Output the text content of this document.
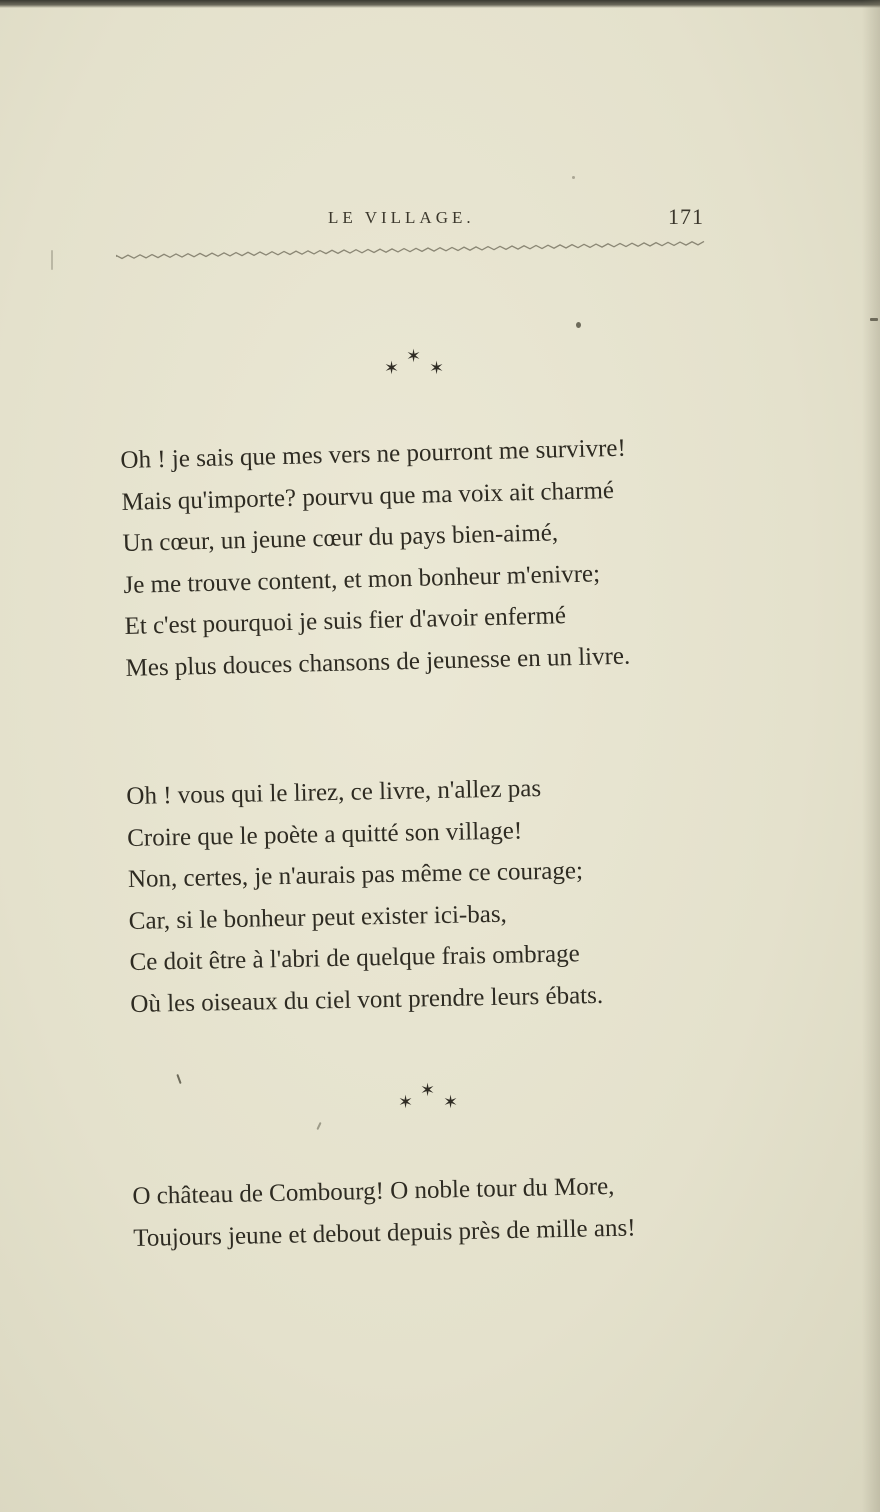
LE VILLAGE.	171
✶
✶
✶
Oh ! je sais que mes vers ne pourront me survivre!
Mais qu'importe? pourvu que ma voix ait charmé
Un cœur, un jeune cœur du pays bien-aimé,
Je me trouve content, et mon bonheur m'enivre;
Et c'est pourquoi je suis fier d'avoir enfermé
Mes plus douces chansons de jeunesse en un livre.
Oh ! vous qui le lirez, ce livre, n'allez pas
Croire que le poète a quitté son village!
Non, certes, je n'aurais pas même ce courage;
Car, si le bonheur peut exister ici-bas,
Ce doit être à l'abri de quelque frais ombrage
Où les oiseaux du ciel vont prendre leurs ébats.
✶
✶
✶
O château de Combourg! O noble tour du More,
Toujours jeune et debout depuis près de mille ans!
